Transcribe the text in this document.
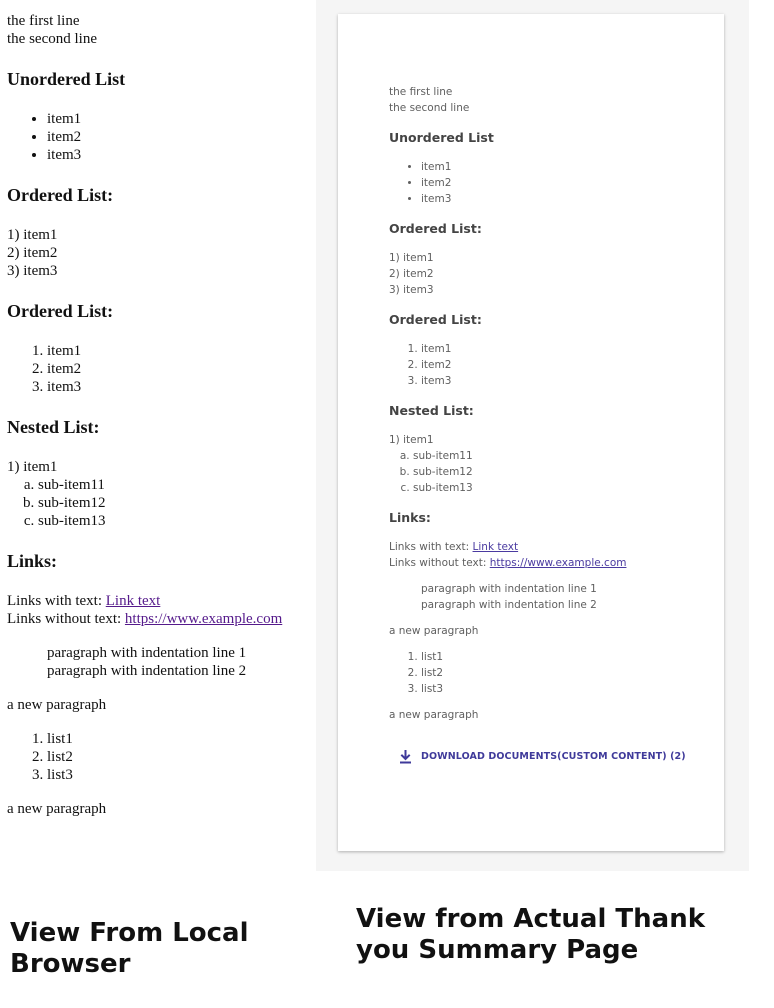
the first line
the second line
Unordered List
• item1
• item2
• item3
Ordered List:
1) item1
2) item2
3) item3
Ordered List:
1. item1
2. item2
3. item3
Nested List:
1) item1
a. sub-item11
b. sub-item12
c. sub-item13
Links:
Links with text: Link text
Links without text: https://www.example.com
paragraph with indentation line 1
paragraph with indentation line 2

a new paragraph

1. list1
2. list2
3. list3

a new paragraph

the first line
the second line
Unordered List
• item1
• item2
• item3
Ordered List:
1) item1
2) item2
3) item3
Ordered List:
1. item1
2. item2
3. item3
Nested List:
1) item1
a. sub-item11
b. sub-item12
c. sub-item13
Links:
Links with text: Link text
Links without text: https://www.example.com
paragraph with indentation line 1
paragraph with indentation line 2

a new paragraph

1. list1
2. list2
3. list3

a new paragraph

DOWNLOAD DOCUMENTS(CUSTOM CONTENT) (2)
View From Local Browser
View from Actual Thank you Summary Page
